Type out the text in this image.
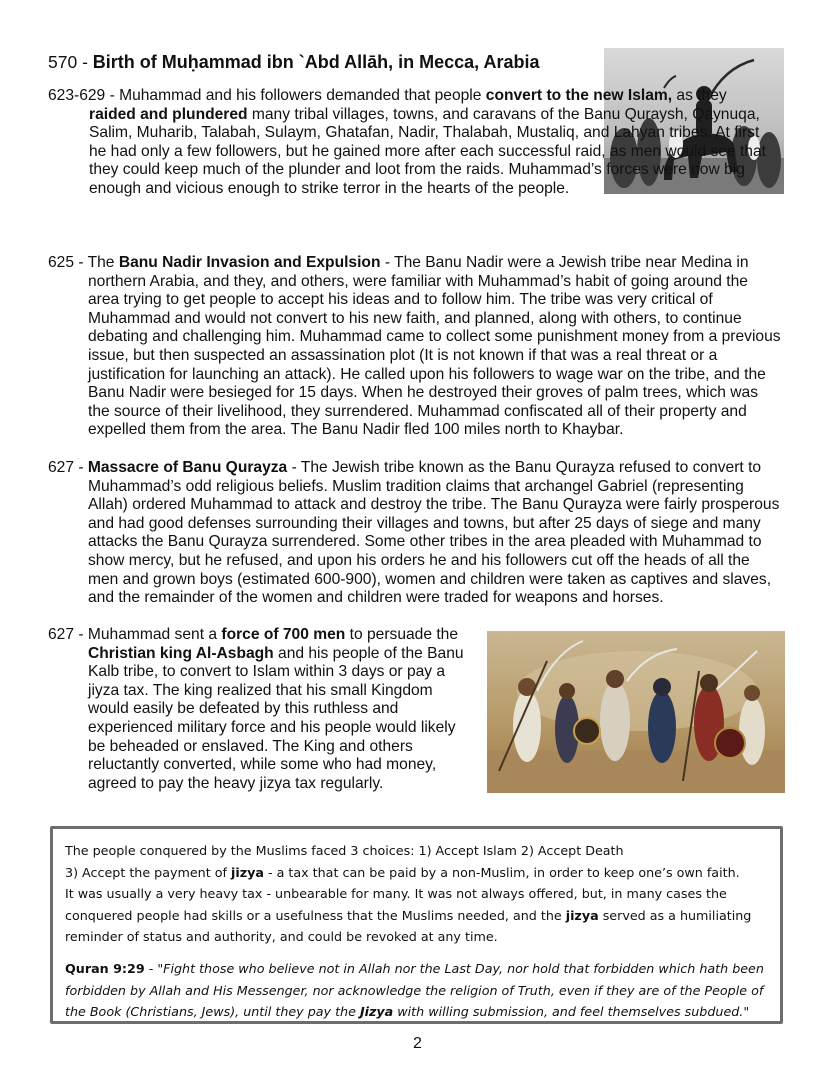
570 - Birth of Muḥammad ibn `Abd Allāh, in Mecca, Arabia

623-629 - Muhammad and his followers demanded that people convert to the new Islam, as they raided and plundered many tribal villages, towns, and caravans of the Banu Quraysh, Qaynuqa, Salim, Muharib, Talabah, Sulaym, Ghatafan, Nadir, Thalabah, Mustaliq, and Lahyan tribes. At first he had only a few followers, but he gained more after each successful raid, as men would see that they could keep much of the plunder and loot from the raids. Muhammad’s forces were now big enough and vicious enough to strike terror in the hearts of the people.

625 - The Banu Nadir Invasion and Expulsion - The Banu Nadir were a Jewish tribe near Medina in northern Arabia, and they, and others, were familiar with Muhammad’s habit of going around the area trying to get people to accept his ideas and to follow him. The tribe was very critical of Muhammad and would not convert to his new faith, and planned, along with others, to continue debating and challenging him. Muhammad came to collect some punishment money from a previous issue, but then suspected an assassination plot (It is not known if that was a real threat or a justification for launching an attack). He called upon his followers to wage war on the tribe, and the Banu Nadir were besieged for 15 days. When he destroyed their groves of palm trees, which was the source of their livelihood, they surrendered. Muhammad confiscated all of their property and expelled them from the area. The Banu Nadir fled 100 miles north to Khaybar.

627 - Massacre of Banu Qurayza - The Jewish tribe known as the Banu Qurayza refused to convert to Muhammad’s odd religious beliefs. Muslim tradition claims that archangel Gabriel (representing Allah) ordered Muhammad to attack and destroy the tribe. The Banu Qurayza were fairly prosperous and had good defenses surrounding their villages and towns, but after 25 days of siege and many attacks the Banu Qurayza surrendered. Some other tribes in the area pleaded with Muhammad to show mercy, but he refused, and upon his orders he and his followers cut off the heads of all the men and grown boys (estimated 600-900), women and children were taken as captives and slaves, and the remainder of the women and children were traded for weapons and horses.

627 - Muhammad sent a force of 700 men to persuade the Christian king Al-Asbagh and his people of the Banu Kalb tribe, to convert to Islam within 3 days or pay a jiyza tax. The king realized that his small Kingdom would easily be defeated by this ruthless and experienced military force and his people would likely be beheaded or enslaved. The King and others reluctantly converted, while some who had money, agreed to pay the heavy jizya tax regularly.

The people conquered by the Muslims faced 3 choices: 1) Accept Islam 2) Accept Death

3) Accept the payment of jizya - a tax that can be paid by a non-Muslim, in order to keep one’s own faith.

It was usually a very heavy tax - unbearable for many. It was not always offered, but, in many cases the conquered people had skills or a usefulness that the Muslims needed, and the jizya served as a humiliating reminder of status and authority, and could be revoked at any time.

Quran 9:29 - "Fight those who believe not in Allah nor the Last Day, nor hold that forbidden which hath been forbidden by Allah and His Messenger, nor acknowledge the religion of Truth, even if they are of the People of the Book (Christians, Jews), until they pay the Jizya with willing submission, and feel themselves subdued."

2
